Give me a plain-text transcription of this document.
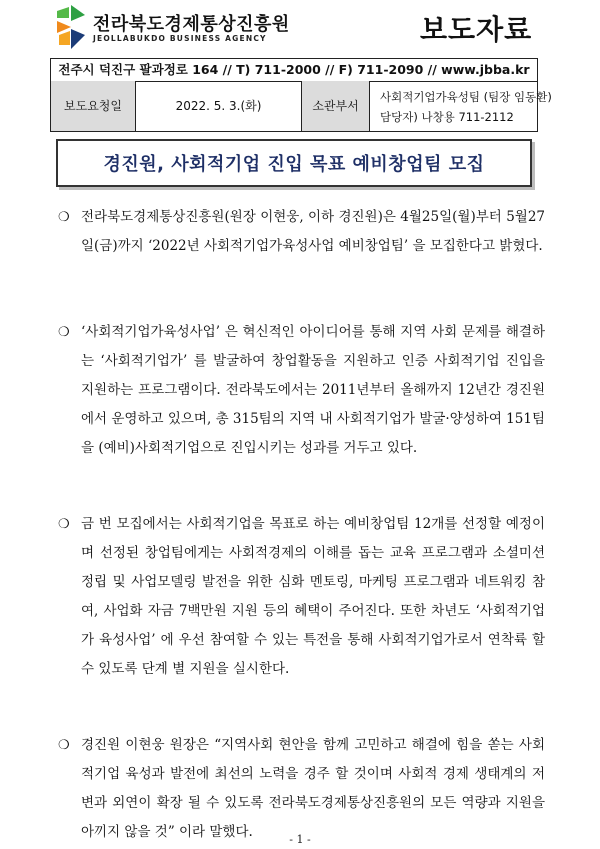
전라북도경제통상진흥원
JEOLLABUKDO BUSINESS AGENCY	보도자료
전주시 덕진구 팔과정로 164 // T) 711-2000 // F) 711-2090 // www.jbba.kr
보도요청일	2022. 5. 3.(화)	소관부서
사회적기업가육성팀 (팀장 임동환)
담당자) 나창용 711-2112
경진원, 사회적기업 진입 목표 예비창업팀 모집
❍ 전라북도경제통상진흥원(원장 이현웅, 이하 경진원)은 4월25일(월)부터 5월27일(금)까지 ‘2022년 사회적기업가육성사업 예비창업팀’ 을 모집한다고 밝혔다.
❍ ‘사회적기업가육성사업’ 은 혁신적인 아이디어를 통해 지역 사회 문제를 해결하는 ‘사회적기업가’ 를 발굴하여 창업활동을 지원하고 인증 사회적기업 진입을 지원하는 프로그램이다. 전라북도에서는 2011년부터 올해까지 12년간 경진원에서 운영하고 있으며, 총 315팀의 지역 내 사회적기업가 발굴·양성하여 151팀을 (예비)사회적기업으로 진입시키는 성과를 거두고 있다.
❍ 금 번 모집에서는 사회적기업을 목표로 하는 예비창업팀 12개를 선정할 예정이며 선정된 창업팀에게는 사회적경제의 이해를 돕는 교육 프로그램과 소셜미션 정립 및 사업모델링 발전을 위한 심화 멘토링, 마케팅 프로그램과 네트워킹 참여, 사업화 자금 7백만원 지원 등의 혜택이 주어진다. 또한 차년도 ‘사회적기업가 육성사업’ 에 우선 참여할 수 있는 특전을 통해 사회적기업가로서 연착륙 할 수 있도록 단계 별 지원을 실시한다.
❍ 경진원 이현웅 원장은 “지역사회 현안을 함께 고민하고 해결에 힘을 쏟는 사회적기업 육성과 발전에 최선의 노력을 경주 할 것이며 사회적 경제 생태계의 저변과 외연이 확장 될 수 있도록 전라북도경제통상진흥원의 모든 역량과 지원을 아끼지 않을 것” 이라 말했다.	- 1 -
